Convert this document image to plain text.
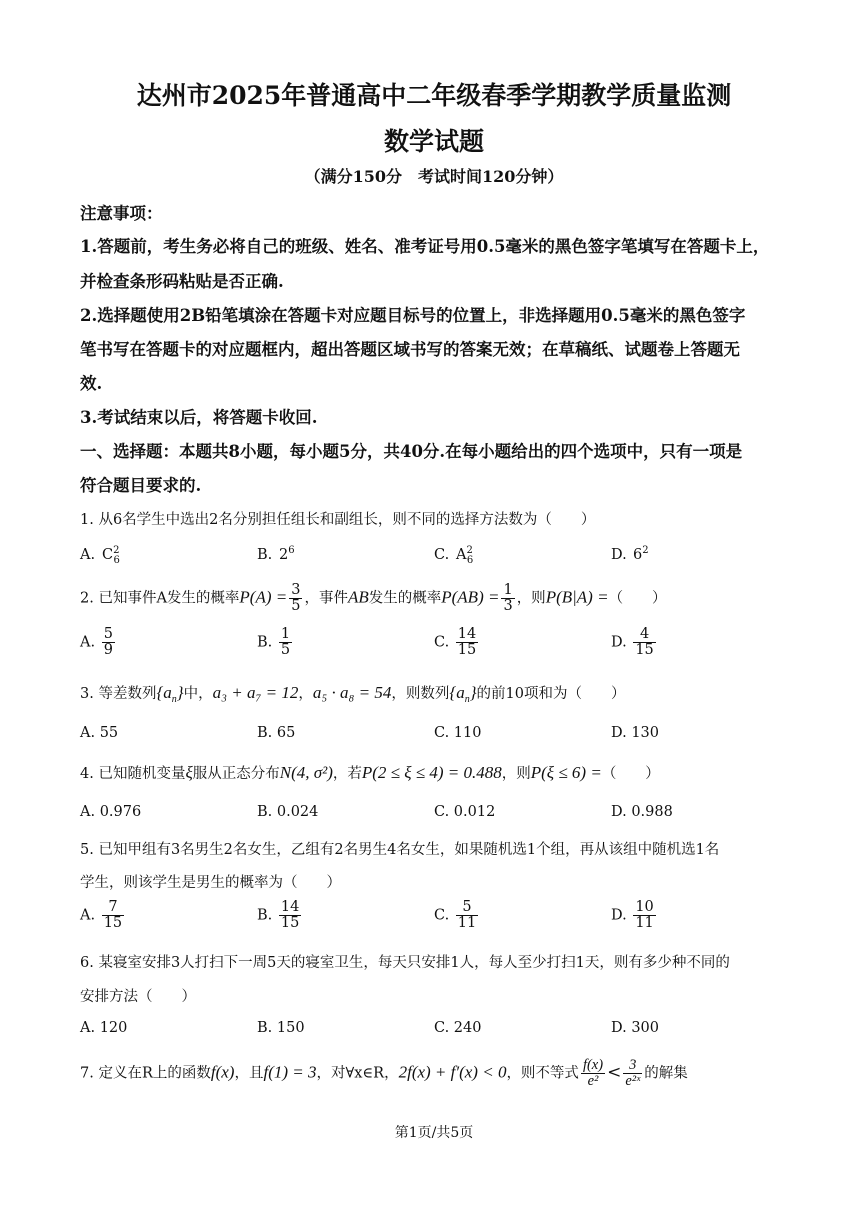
达州市2025年普通高中二年级春季学期教学质量监测
数学试题
（满分150分　考试时间120分钟）
注意事项：
1.答题前，考生务必将自己的班级、姓名、准考证号用0.5毫米的黑色签字笔填写在答题卡上，
并检查条形码粘贴是否正确.
2.选择题使用2B铅笔填涂在答题卡对应题目标号的位置上，非选择题用0.5毫米的黑色签字
笔书写在答题卡的对应题框内，超出答题区域书写的答案无效；在草稿纸、试题卷上答题无
效.
3.考试结束以后，将答题卡收回.
一、选择题：本题共8小题，每小题5分，共40分.在每小题给出的四个选项中，只有一项是
符合题目要求的.
1. 从6名学生中选出2名分别担任组长和副组长，则不同的选择方法数为（　　）
A. $C^2_6$	B. $2^6$	C. $A^2_6$	D. $6^2$
2. 已知事件A发生的概率$P(A) = \frac{3}{5}$ ，事件AB发生的概率$P(AB) = \frac{1}{3}$ ，则P(B|A) =（　　）
A. $\frac{5}{9}$	B. $\frac{1}{5}$	C. $\frac{14}{15}$	D. $\frac{4}{15}$
3. 等差数列$\{a_n\}$中，a₃ + a₇ = 12，a₅ · a₈ = 54，则数列$\{a_n\}$的前10项和为（　　）
A. 55	B. 65	C. 110	D. 130
4. 已知随机变量ξ服从正态分布N(4, σ²)，若P(2 ≤ ξ ≤ 4) = 0.488，则P(ξ ≤ 6) =（　　）
A. 0.976	B. 0.024	C. 0.012	D. 0.988
5. 已知甲组有3名男生2名女生，乙组有2名男生4名女生，如果随机选1个组，再从该组中随机选1名
学生，则该学生是男生的概率为（　　）
A. $\frac{7}{15}$	B. $\frac{14}{15}$	C. $\frac{5}{11}$	D. $\frac{10}{11}$
6. 某寝室安排3人打扫下一周5天的寝室卫生，每天只安排1人，每人至少打扫1天，则有多少种不同的
安排方法（　　）
A. 120	B. 150	C. 240	D. 300
7. 定义在R上的函数f(x)，且f(1) = 3，对∀x∈R，2f(x) + f′(x) < 0，则不等式 $\frac{f(x)}{\text{e²}} < \frac{3}{\text{e²ˣ}}$ 的解集
第1页/共5页
